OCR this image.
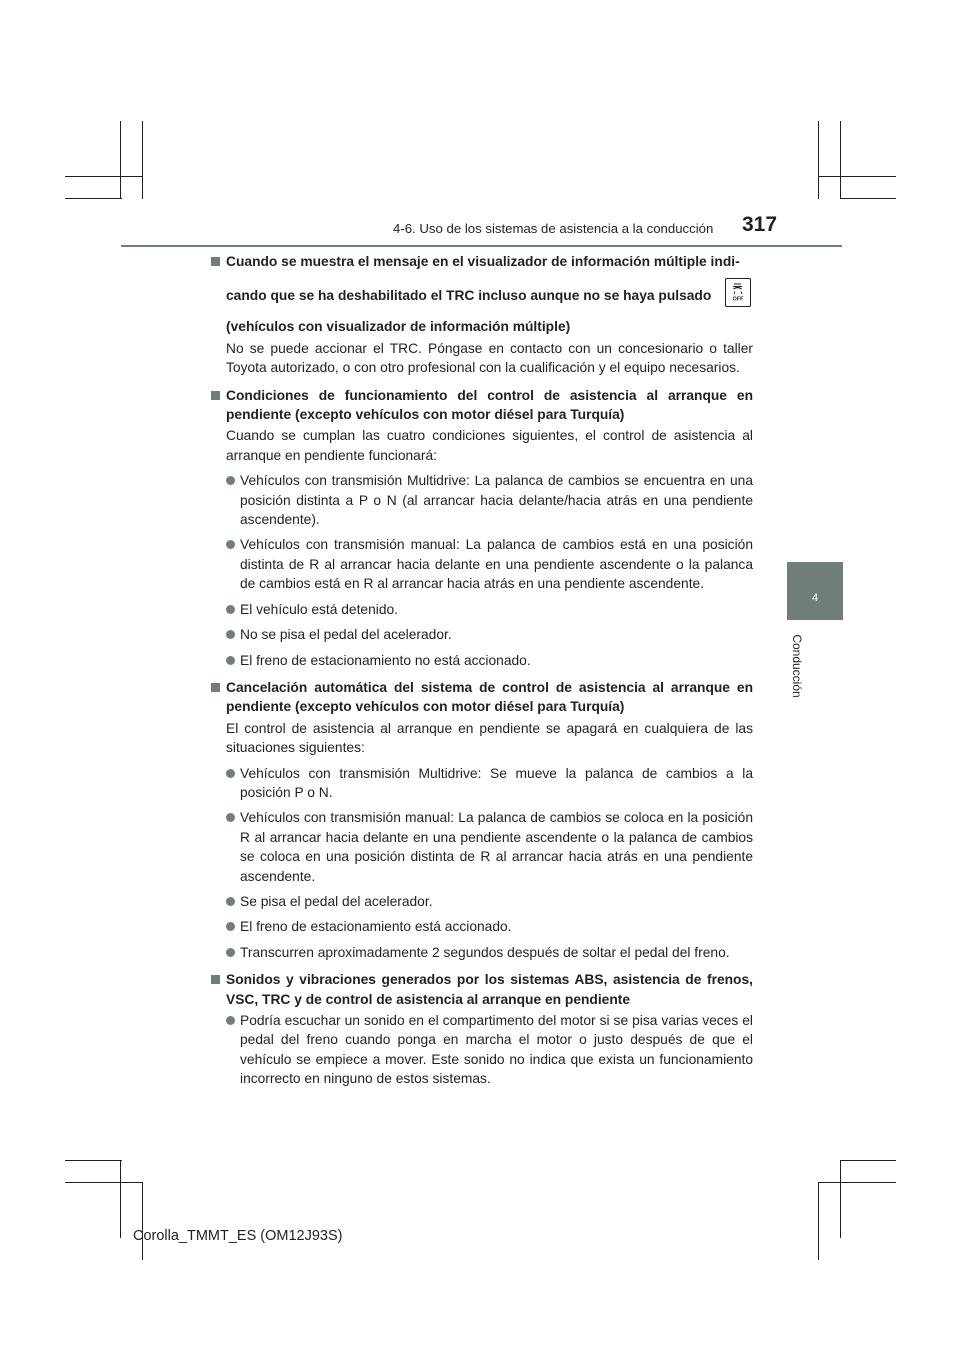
4-6. Uso de los sistemas de asistencia a la conducción 317
4
Conducción
Cuando se muestra el mensaje en el visualizador de información múltiple indi-
cando que se ha deshabilitado el TRC incluso aunque no se haya pulsado	OFF
(vehículos con visualizador de información múltiple)
No se puede accionar el TRC. Póngase en contacto con un concesionario o taller Toyota autorizado, o con otro profesional con la cualificación y el equipo necesarios.
Condiciones de funcionamiento del control de asistencia al arranque en pendiente (excepto vehículos con motor diésel para Turquía)
Cuando se cumplan las cuatro condiciones siguientes, el control de asistencia al arranque en pendiente funcionará:
Vehículos con transmisión Multidrive: La palanca de cambios se encuentra en una posición distinta a P o N (al arrancar hacia delante/hacia atrás en una pendiente ascendente).
Vehículos con transmisión manual: La palanca de cambios está en una posición distinta de R al arrancar hacia delante en una pendiente ascendente o la palanca de cambios está en R al arrancar hacia atrás en una pendiente ascendente.
El vehículo está detenido.
No se pisa el pedal del acelerador.
El freno de estacionamiento no está accionado.
Cancelación automática del sistema de control de asistencia al arranque en pendiente (excepto vehículos con motor diésel para Turquía)
El control de asistencia al arranque en pendiente se apagará en cualquiera de las situaciones siguientes:
Vehículos con transmisión Multidrive: Se mueve la palanca de cambios a la posición P o N.
Vehículos con transmisión manual: La palanca de cambios se coloca en la posición R al arrancar hacia delante en una pendiente ascendente o la palanca de cambios se coloca en una posición distinta de R al arrancar hacia atrás en una pendiente ascendente.
Se pisa el pedal del acelerador.
El freno de estacionamiento está accionado.
Transcurren aproximadamente 2 segundos después de soltar el pedal del freno.
Sonidos y vibraciones generados por los sistemas ABS, asistencia de frenos, VSC, TRC y de control de asistencia al arranque en pendiente
Podría escuchar un sonido en el compartimento del motor si se pisa varias veces el pedal del freno cuando ponga en marcha el motor o justo después de que el vehículo se empiece a mover. Este sonido no indica que exista un funcionamiento incorrecto en ninguno de estos sistemas.
Corolla_TMMT_ES (OM12J93S)
